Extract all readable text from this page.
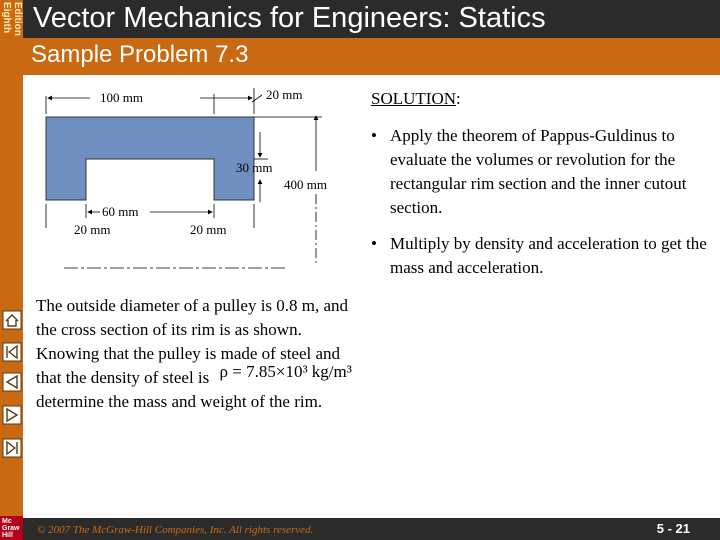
Eighth Edition Vector Mechanics for Engineers: Statics
Sample Problem 7.3
100 mm	20 mm
30 mm
400 mm
60 mm
20 mm	20 mm
SOLUTION:
• Apply the theorem of Pappus-Guldinus to evaluate the volumes or revolution for the rectangular rim section and the inner cutout section.
• Multiply by density and acceleration to get the mass and acceleration.
The outside diameter of a pulley is 0.8 m, and the cross section of its rim is as shown. Knowing that the pulley is made of steel and that the density of steel is ρ = 7.85×10³ kg/m³
determine the mass and weight of the rim.
© 2007 The McGraw-Hill Companies, Inc. All rights reserved.	5 - 21
Mc
Graw
Hill
